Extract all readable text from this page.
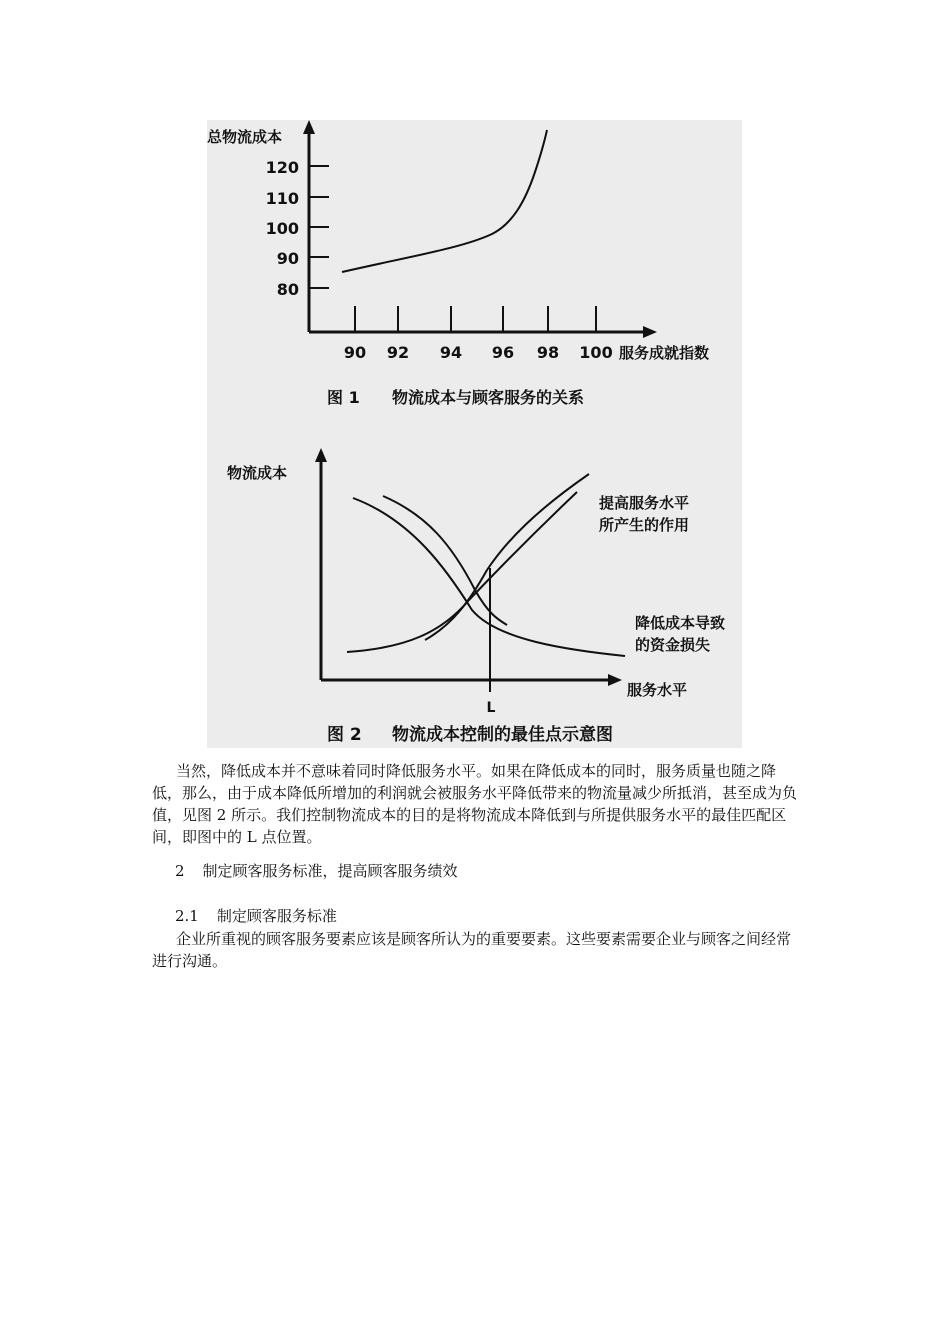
总物流成本
120
110
100
90
80
90 92 94 96 98 100 服务成就指数
图 1 物流成本与顾客服务的关系
物流成本
服务水平
L
提高服务水平
所产生的作用
降低成本导致
的资金损失
图 2 物流成本控制的最佳点示意图

当然，降低成本并不意味着同时降低服务水平。如果在降低成本的同时，服务质量也随之降低，那么，由于成本降低所增加的利润就会被服务水平降低带来的物流量减少所抵消，甚至成为负值，见图 2 所示。我们控制物流成本的目的是将物流成本降低到与所提供服务水平的最佳匹配区间，即图中的 L 点位置。

2 制定顾客服务标准，提高顾客服务绩效

2.1 制定顾客服务标准

企业所重视的顾客服务要素应该是顾客所认为的重要要素。这些要素需要企业与顾客之间经常进行沟通。
